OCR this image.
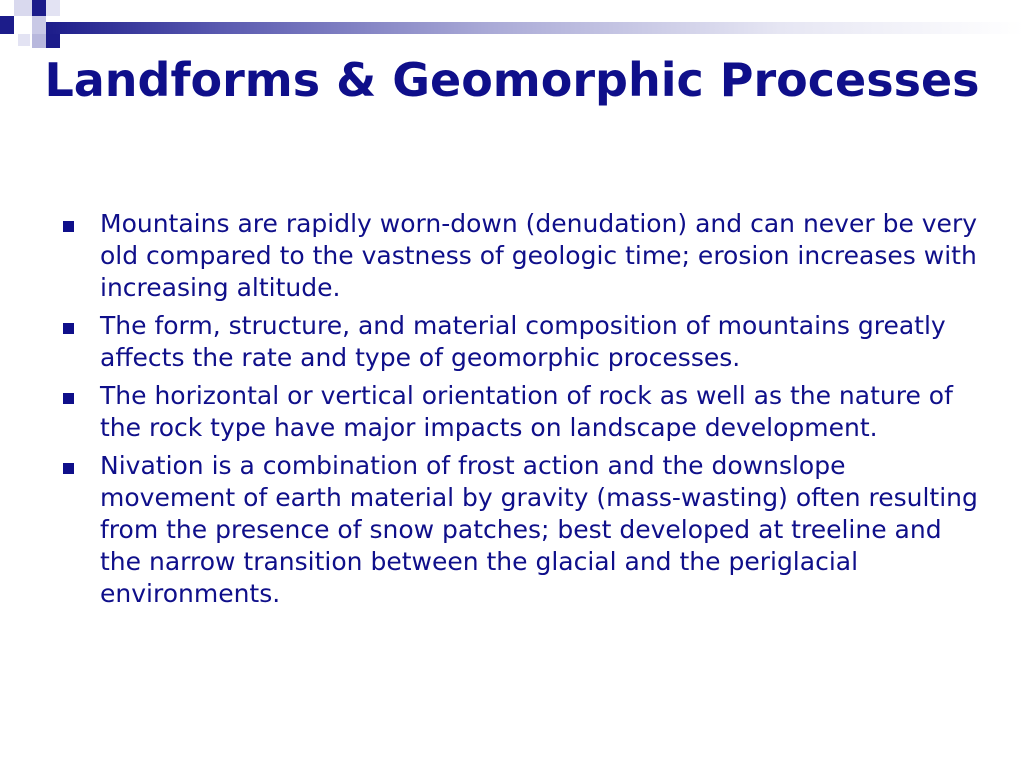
Landforms & Geomorphic Processes
Mountains are rapidly worn-down (denudation) and can never be very old compared to the vastness of geologic time; erosion increases with increasing altitude.
The form, structure, and material composition of mountains greatly affects the rate and type of geomorphic processes.
The horizontal or vertical orientation of rock as well as the nature of the rock type have major impacts on landscape development.
Nivation is a combination of frost action and the downslope movement of earth material by gravity (mass-wasting) often resulting from the presence of snow patches; best developed at treeline and the narrow transition between the glacial and the periglacial environments.
